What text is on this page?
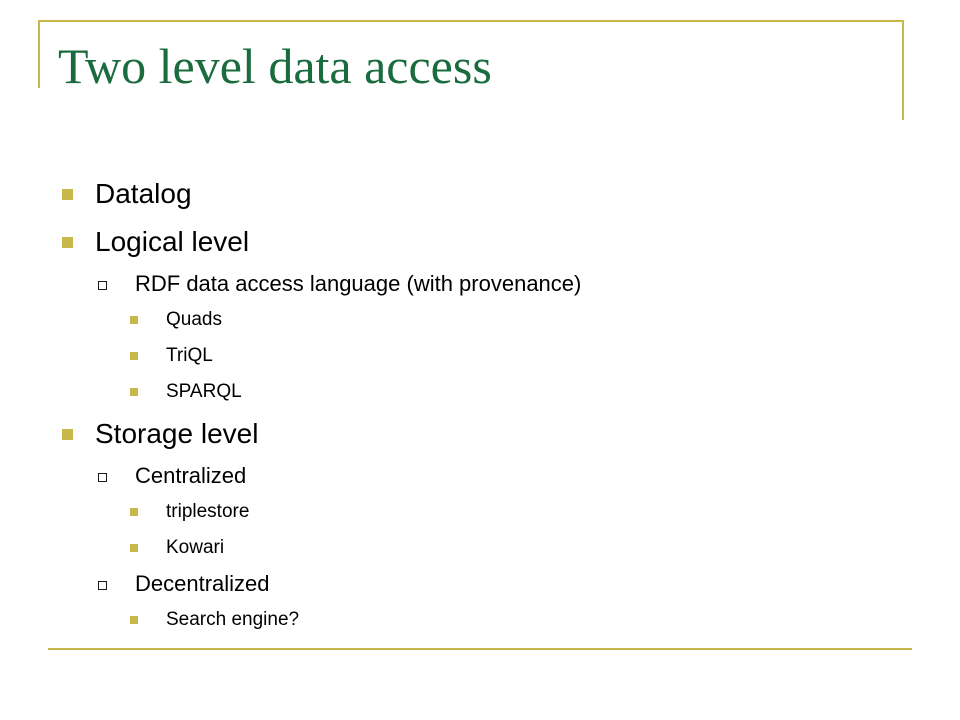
Two level data access
Datalog
Logical level
RDF data access language (with provenance)
Quads
TriQL
SPARQL
Storage level
Centralized
triplestore
Kowari
Decentralized
Search engine?
